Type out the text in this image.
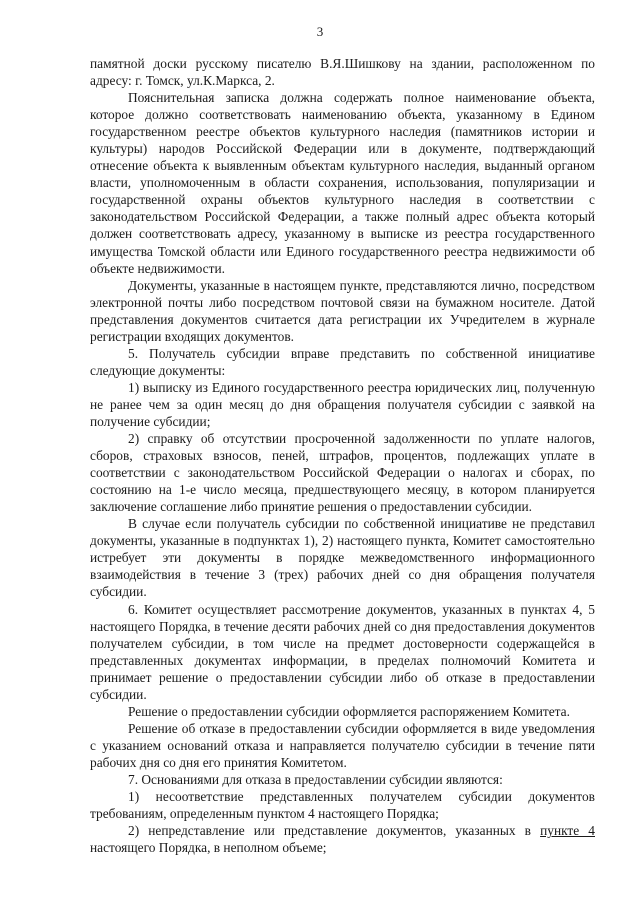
3

памятной доски русскому писателю В.Я.Шишкову на здании, расположенном по адресу: г. Томск, ул.К.Маркса, 2.

Пояснительная записка должна содержать полное наименование объекта, которое должно соответствовать наименованию объекта, указанному в Едином государственном реестре объектов культурного наследия (памятников истории и культуры) народов Российской Федерации или в документе, подтверждающий отнесение объекта к выявленным объектам культурного наследия, выданный органом власти, уполномоченным в области сохранения, использования, популяризации и государственной охраны объектов культурного наследия в соответствии с законодательством Российской Федерации, а также полный адрес объекта который должен соответствовать адресу, указанному в выписке из реестра государственного имущества Томской области или Единого государственного реестра недвижимости об объекте недвижимости.

Документы, указанные в настоящем пункте, представляются лично, посредством электронной почты либо посредством почтовой связи на бумажном носителе. Датой представления документов считается дата регистрации их Учредителем в журнале регистрации входящих документов.

5. Получатель субсидии вправе представить по собственной инициативе следующие документы:

1) выписку из Единого государственного реестра юридических лиц, полученную не ранее чем за один месяц до дня обращения получателя субсидии с заявкой на получение субсидии;

2) справку об отсутствии просроченной задолженности по уплате налогов, сборов, страховых взносов, пеней, штрафов, процентов, подлежащих уплате в соответствии с законодательством Российской Федерации о налогах и сборах, по состоянию на 1-е число месяца, предшествующего месяцу, в котором планируется заключение соглашение либо принятие решения о предоставлении субсидии.

В случае если получатель субсидии по собственной инициативе не представил документы, указанные в подпунктах 1), 2) настоящего пункта, Комитет самостоятельно истребует эти документы в порядке межведомственного информационного взаимодействия в течение 3 (трех) рабочих дней со дня обращения получателя субсидии.

6. Комитет осуществляет рассмотрение документов, указанных в пунктах 4, 5 настоящего Порядка, в течение десяти рабочих дней со дня предоставления документов получателем субсидии, в том числе на предмет достоверности содержащейся в представленных документах информации, в пределах полномочий Комитета и принимает решение о предоставлении субсидии либо об отказе в предоставлении субсидии.

Решение о предоставлении субсидии оформляется распоряжением Комитета.

Решение об отказе в предоставлении субсидии оформляется в виде уведомления с указанием оснований отказа и направляется получателю субсидии в течение пяти рабочих дня со дня его принятия Комитетом.

7. Основаниями для отказа в предоставлении субсидии являются:

1) несоответствие представленных получателем субсидии документов требованиям, определенным пунктом 4 настоящего Порядка;

2) непредставление или представление документов, указанных в пункте 4 настоящего Порядка, в неполном объеме;
